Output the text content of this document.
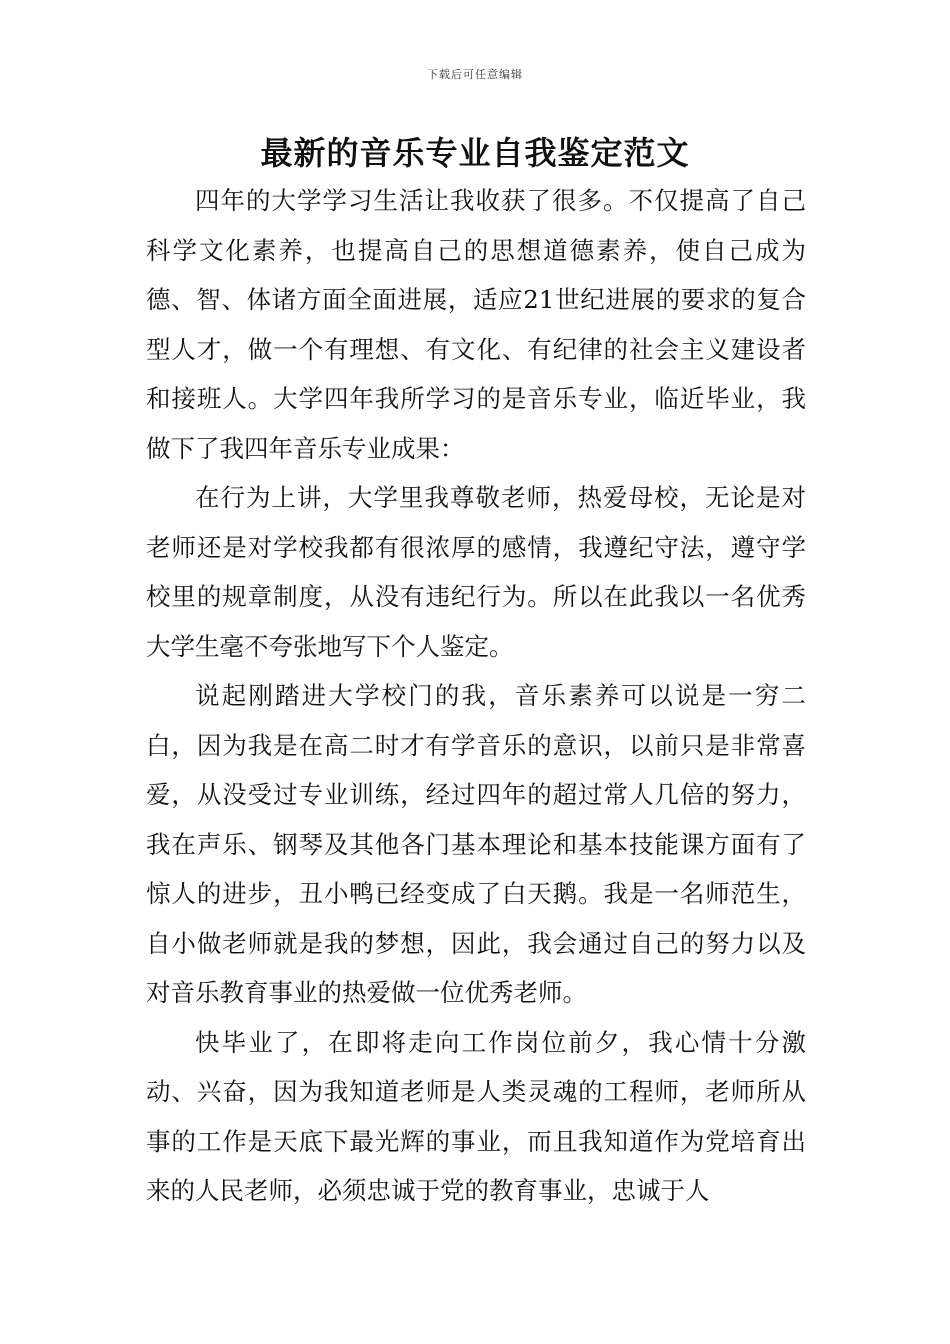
下载后可任意编辑
最新的音乐专业自我鉴定范文

四年的大学学习生活让我收获了很多。不仅提高了自己科学文化素养，也提高自己的思想道德素养，使自己成为德、智、体诸方面全面进展，适应21世纪进展的要求的复合型人才，做一个有理想、有文化、有纪律的社会主义建设者和接班人。大学四年我所学习的是音乐专业，临近毕业，我做下了我四年音乐专业成果：

在行为上讲，大学里我尊敬老师，热爱母校，无论是对老师还是对学校我都有很浓厚的感情，我遵纪守法，遵守学校里的规章制度，从没有违纪行为。所以在此我以一名优秀大学生毫不夸张地写下个人鉴定。

说起刚踏进大学校门的我，音乐素养可以说是一穷二白，因为我是在高二时才有学音乐的意识，以前只是非常喜爱，从没受过专业训练，经过四年的超过常人几倍的努力，我在声乐、钢琴及其他各门基本理论和基本技能课方面有了惊人的进步，丑小鸭已经变成了白天鹅。我是一名师范生，自小做老师就是我的梦想，因此，我会通过自己的努力以及对音乐教育事业的热爱做一位优秀老师。

快毕业了，在即将走向工作岗位前夕，我心情十分激动、兴奋，因为我知道老师是人类灵魂的工程师，老师所从事的工作是天底下最光辉的事业，而且我知道作为党培育出来的人民老师，必须忠诚于党的教育事业，忠诚于人
